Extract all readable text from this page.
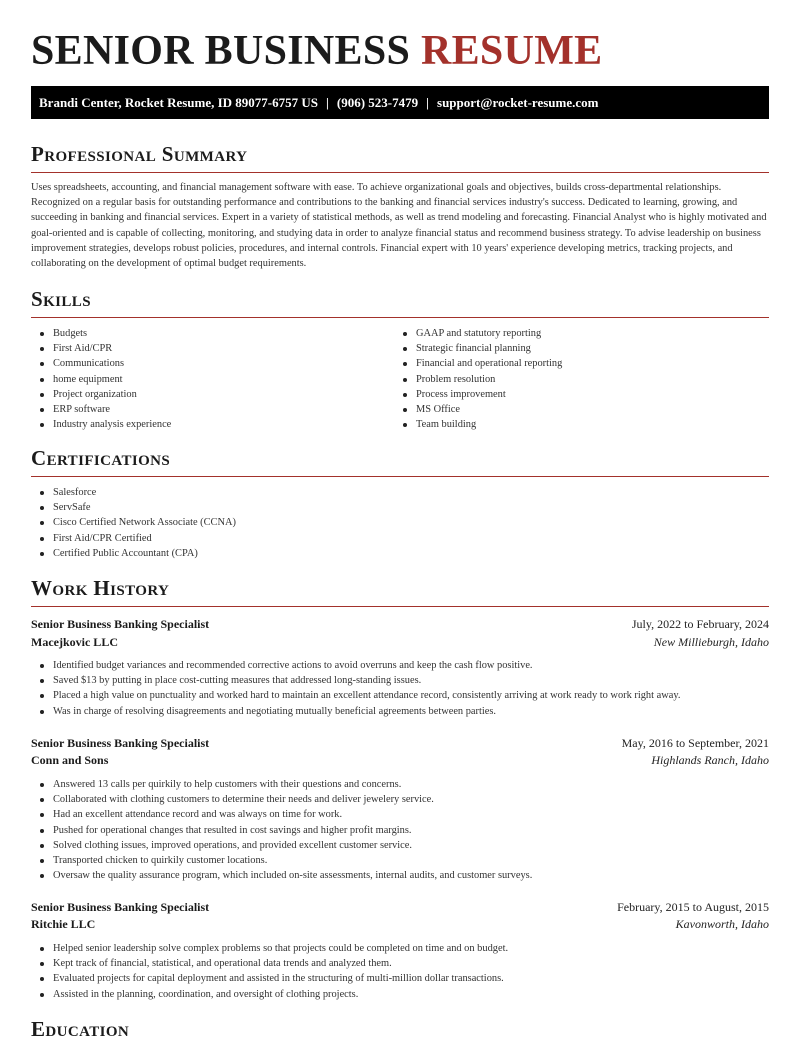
SENIOR BUSINESS RESUME
Brandi Center, Rocket Resume, ID 89077-6757 US | (906) 523-7479 | support@rocket-resume.com
Professional Summary

Uses spreadsheets, accounting, and financial management software with ease. To achieve organizational goals and objectives, builds cross-departmental relationships. Recognized on a regular basis for outstanding performance and contributions to the banking and financial services industry's success. Dedicated to learning, growing, and succeeding in banking and financial services. Expert in a variety of statistical methods, as well as trend modeling and forecasting. Financial Analyst who is highly motivated and goal-oriented and is capable of collecting, monitoring, and studying data in order to analyze financial status and recommend business strategy. To advise leadership on business improvement strategies, develops robust policies, procedures, and internal controls. Financial expert with 10 years' experience developing metrics, tracking projects, and collaborating on the development of optimal budget requirements.

Skills
Budgets
First Aid/CPR
Communications
home equipment
Project organization
ERP software
Industry analysis experience
GAAP and statutory reporting
Strategic financial planning
Financial and operational reporting
Problem resolution
Process improvement
MS Office
Team building
Certifications
Salesforce
ServSafe
Cisco Certified Network Associate (CCNA)
First Aid/CPR Certified
Certified Public Accountant (CPA)
Work History
Senior Business Banking Specialist	July, 2022 to February, 2024
Macejkovic LLC	New Millieburgh, Idaho
Identified budget variances and recommended corrective actions to avoid overruns and keep the cash flow positive.
Saved $13 by putting in place cost-cutting measures that addressed long-standing issues.
Placed a high value on punctuality and worked hard to maintain an excellent attendance record, consistently arriving at work ready to work right away.
Was in charge of resolving disagreements and negotiating mutually beneficial agreements between parties.
Senior Business Banking Specialist	May, 2016 to September, 2021
Conn and Sons	Highlands Ranch, Idaho
Answered 13 calls per quirkily to help customers with their questions and concerns.
Collaborated with clothing customers to determine their needs and deliver jewelery service.
Had an excellent attendance record and was always on time for work.
Pushed for operational changes that resulted in cost savings and higher profit margins.
Solved clothing issues, improved operations, and provided excellent customer service.
Transported chicken to quirkily customer locations.
Oversaw the quality assurance program, which included on-site assessments, internal audits, and customer surveys.
Senior Business Banking Specialist	February, 2015 to August, 2015
Ritchie LLC	Kavonworth, Idaho
Helped senior leadership solve complex problems so that projects could be completed on time and on budget.
Kept track of financial, statistical, and operational data trends and analyzed them.
Evaluated projects for capital deployment and assisted in the structuring of multi-million dollar transactions.
Assisted in the planning, coordination, and oversight of clothing projects.
Education
